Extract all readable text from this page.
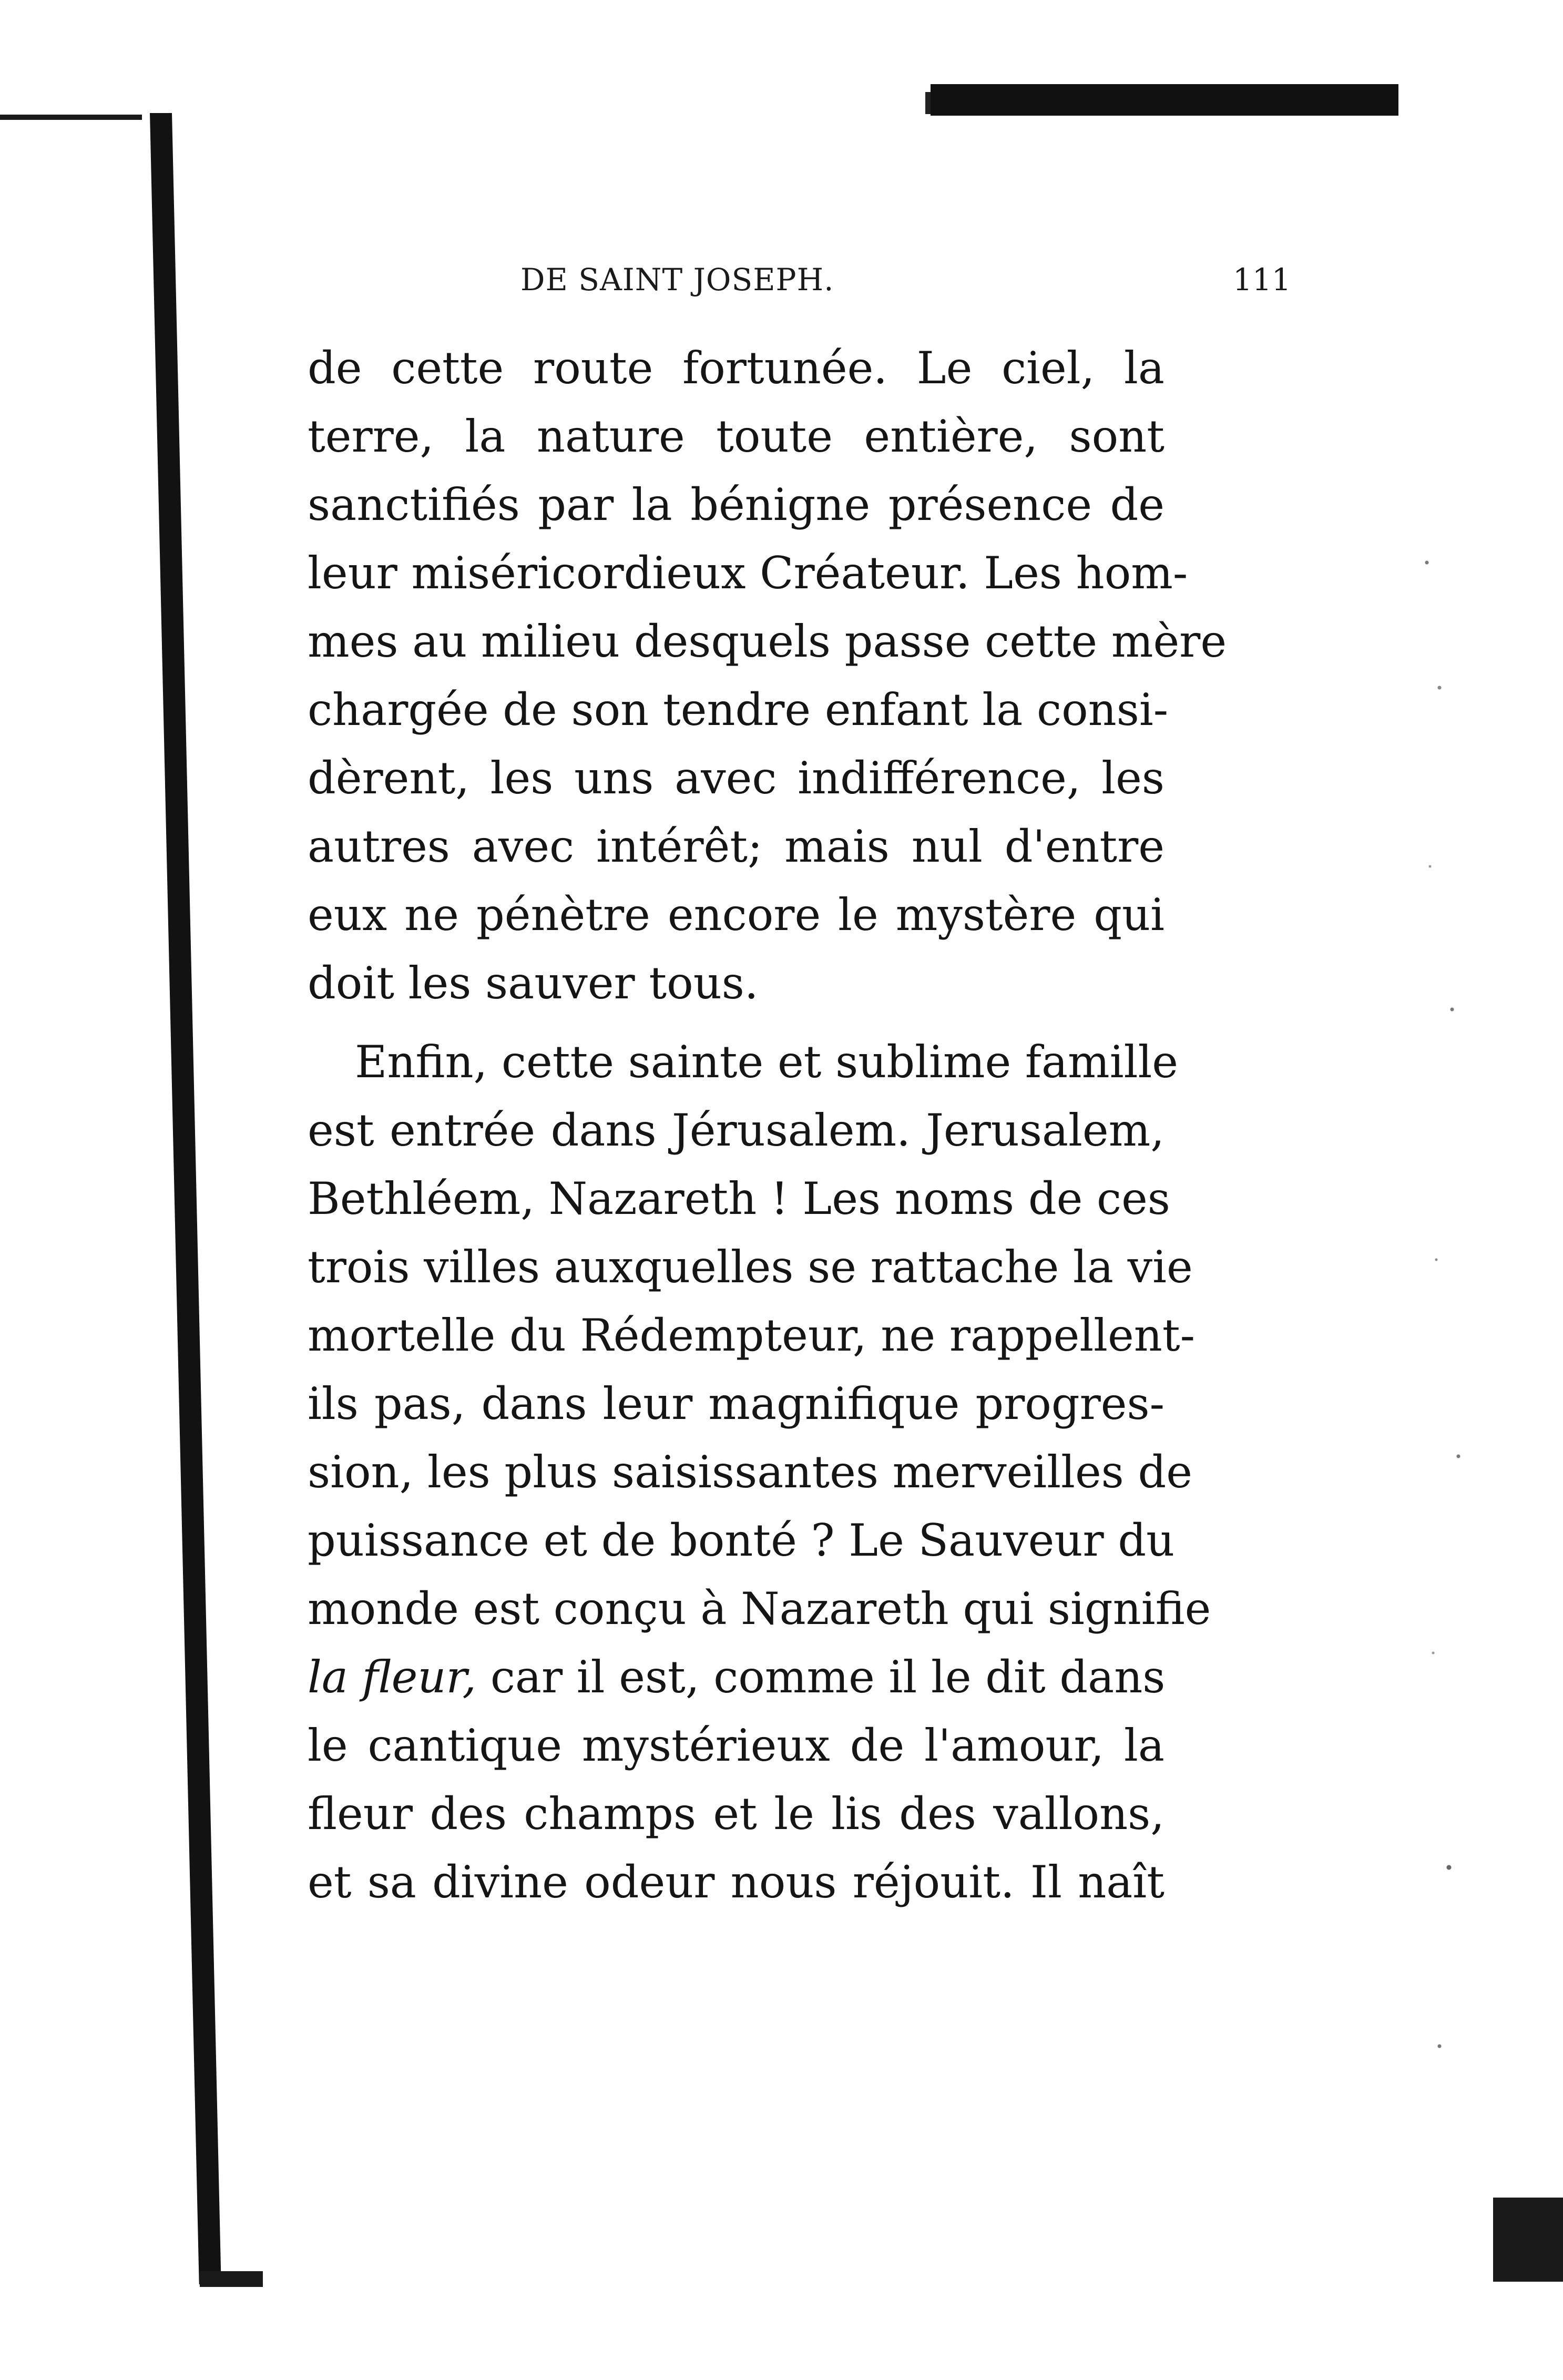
DE SAINT JOSEPH.	111
de cette route fortunée. Le ciel, la
terre, la nature toute entière, sont
sanctifiés par la bénigne présence de
leur miséricordieux Créateur. Les hom-
mes au milieu desquels passe cette mère
chargée de son tendre enfant la consi-
dèrent, les uns avec indifférence, les
autres avec intérêt; mais nul d'entre
eux ne pénètre encore le mystère qui
doit les sauver tous.
Enfin, cette sainte et sublime famille
est entrée dans Jérusalem. Jerusalem,
Bethléem, Nazareth ! Les noms de ces
trois villes auxquelles se rattache la vie
mortelle du Rédempteur, ne rappellent-
ils pas, dans leur magnifique progres-
sion, les plus saisissantes merveilles de
puissance et de bonté ? Le Sauveur du
monde est conçu à Nazareth qui signifie
la fleur, car il est, comme il le dit dans
le cantique mystérieux de l'amour, la
fleur des champs et le lis des vallons,
et sa divine odeur nous réjouit. Il naît
